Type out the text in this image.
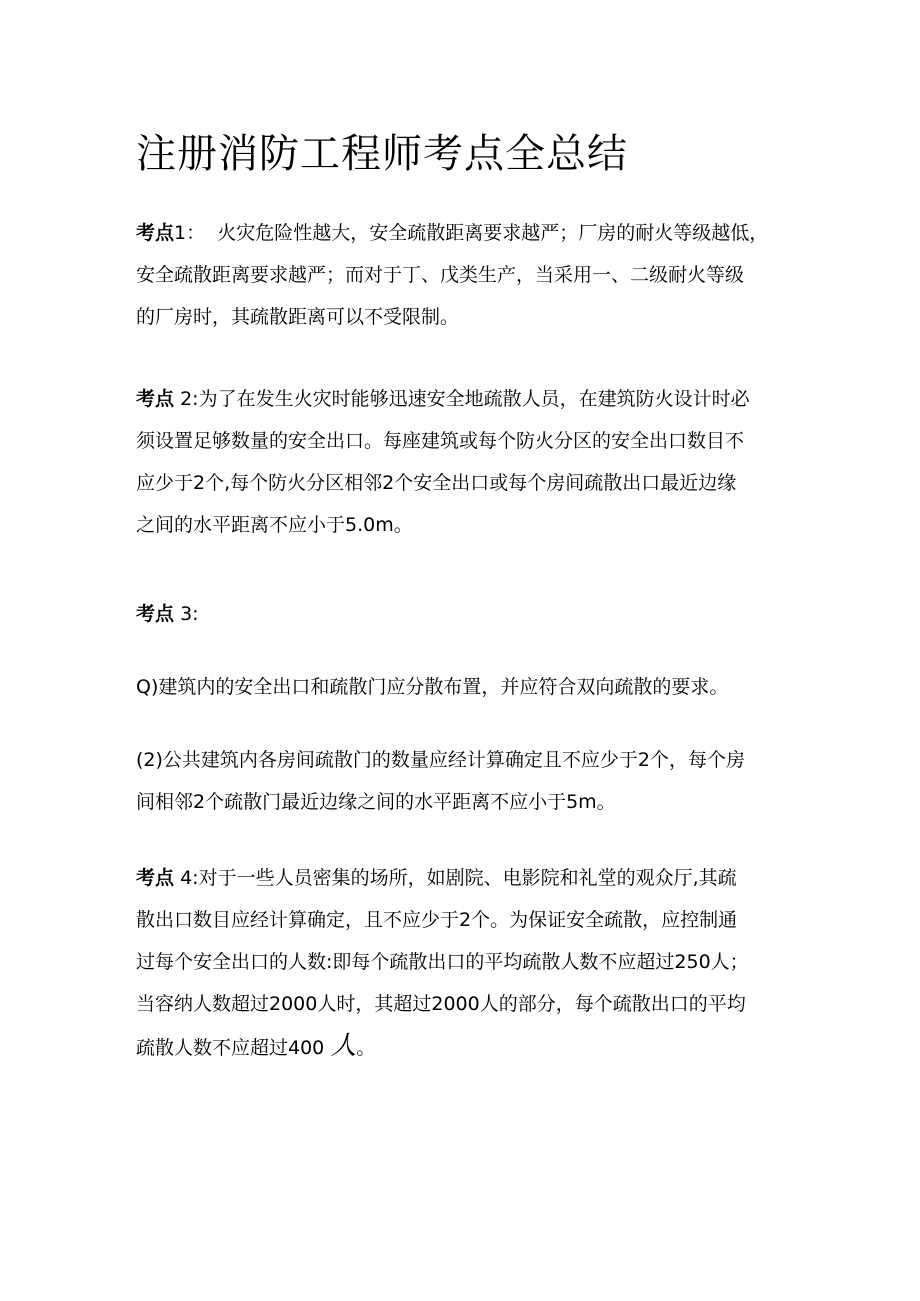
注册消防工程师考点全总结
考点1： 火灾危险性越大，安全疏散距离要求越严；厂房的耐火等级越低，
安全疏散距离要求越严；而对于丁、戊类生产，当采用一、二级耐火等级
的厂房时，其疏散距离可以不受限制。
考点 2:为了在发生火灾时能够迅速安全地疏散人员，在建筑防火设计时必
须设置足够数量的安全出口。每座建筑或每个防火分区的安全出口数目不
应少于2个,每个防火分区相邻2个安全出口或每个房间疏散出口最近边缘
之间的水平距离不应小于5.0m。
考点 3:
Q)建筑内的安全出口和疏散门应分散布置，并应符合双向疏散的要求。
(2)公共建筑内各房间疏散门的数量应经计算确定且不应少于2个，每个房
间相邻2个疏散门最近边缘之间的水平距离不应小于5m。
考点 4:对于一些人员密集的场所，如剧院、电影院和礼堂的观众厅,其疏
散出口数目应经计算确定，且不应少于2个。为保证安全疏散，应控制通
过每个安全出口的人数:即每个疏散出口的平均疏散人数不应超过250人；
当容纳人数超过2000人时，其超过2000人的部分，每个疏散出口的平均
疏散人数不应超过400 人。
